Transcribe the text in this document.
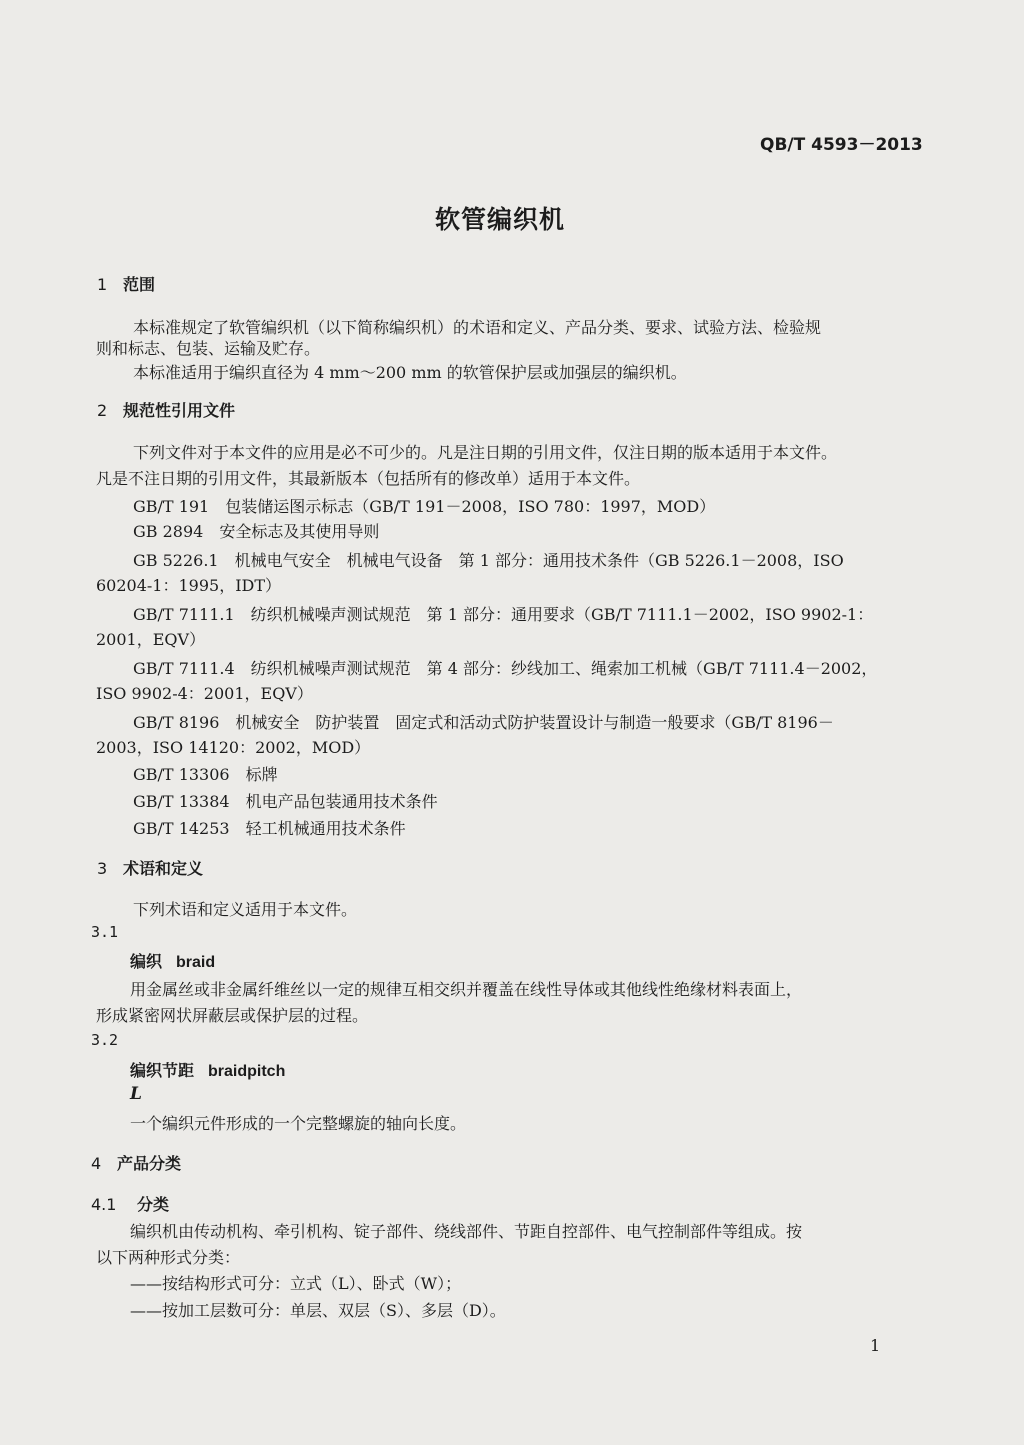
QB/T 4593－2013
软管编织机
1 范围
本标准规定了软管编织机（以下简称编织机）的术语和定义、产品分类、要求、试验方法、检验规
则和标志、包装、运输及贮存。
本标准适用于编织直径为 4 mm～200 mm 的软管保护层或加强层的编织机。
2 规范性引用文件
下列文件对于本文件的应用是必不可少的。凡是注日期的引用文件，仅注日期的版本适用于本文件。
凡是不注日期的引用文件，其最新版本（包括所有的修改单）适用于本文件。
GB/T 191　包装储运图示标志（GB/T 191－2008，ISO 780：1997，MOD）
GB 2894　安全标志及其使用导则
GB 5226.1　机械电气安全　机械电气设备　第 1 部分：通用技术条件（GB 5226.1－2008，ISO
60204-1：1995，IDT）
GB/T 7111.1　纺织机械噪声测试规范　第 1 部分：通用要求（GB/T 7111.1－2002，ISO 9902-1：
2001，EQV）
GB/T 7111.4　纺织机械噪声测试规范　第 4 部分：纱线加工、绳索加工机械（GB/T 7111.4－2002，
ISO 9902-4：2001，EQV）
GB/T 8196　机械安全　防护装置　固定式和活动式防护装置设计与制造一般要求（GB/T 8196－
2003，ISO 14120：2002，MOD）
GB/T 13306　标牌
GB/T 13384　机电产品包装通用技术条件
GB/T 14253　轻工机械通用技术条件
3 术语和定义
下列术语和定义适用于本文件。
3.1
编织 braid
用金属丝或非金属纤维丝以一定的规律互相交织并覆盖在线性导体或其他线性绝缘材料表面上，
形成紧密网状屏蔽层或保护层的过程。
3.2
编织节距 braidpitch
L
一个编织元件形成的一个完整螺旋的轴向长度。
4 产品分类
4.1 分类
编织机由传动机构、牵引机构、锭子部件、绕线部件、节距自控部件、电气控制部件等组成。按
以下两种形式分类：
——按结构形式可分：立式（L）、卧式（W）；
——按加工层数可分：单层、双层（S）、多层（D）。
1
